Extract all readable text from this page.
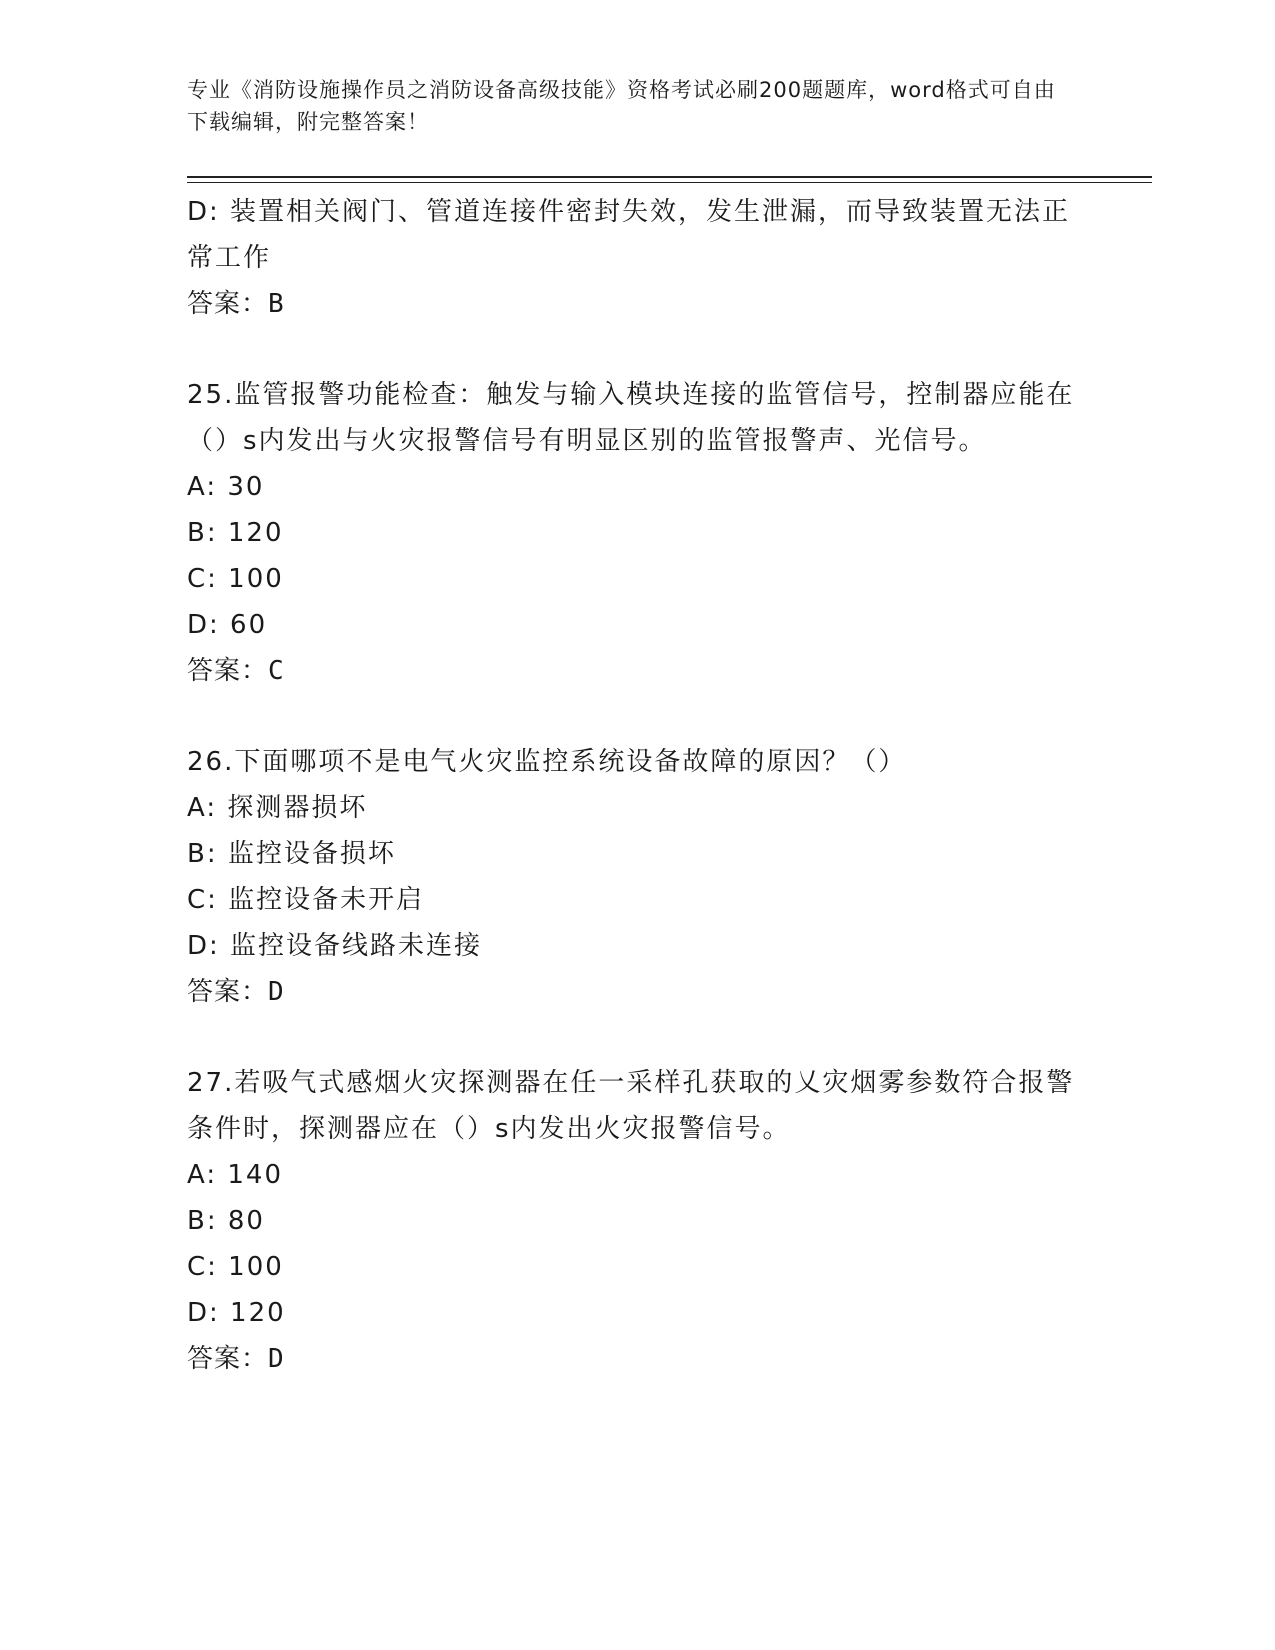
专业《消防设施操作员之消防设备高级技能》资格考试必刷200题题库，word格式可自由下载编辑，附完整答案！
D: 装置相关阀门、管道连接件密封失效，发生泄漏，而导致装置无法正常工作
答案：B
25.监管报警功能检查：触发与输入模块连接的监管信号，控制器应能在（）s内发出与火灾报警信号有明显区别的监管报警声、光信号。
A: 30
B: 120
C: 100
D: 60
答案：C
26.下面哪项不是电气火灾监控系统设备故障的原因？（）
A: 探测器损坏
B: 监控设备损坏
C: 监控设备未开启
D: 监控设备线路未连接
答案：D
27.若吸气式感烟火灾探测器在任一采样孔获取的乂灾烟雾参数符合报警条件时，探测器应在（）s内发出火灾报警信号。
A: 140
B: 80
C: 100
D: 120
答案：D
